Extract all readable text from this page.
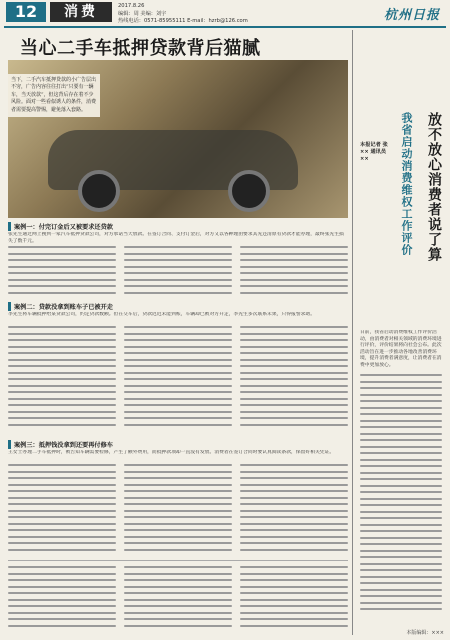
12	消费	2017.8.26
编辑：周 美编：刘宇
热线电话：0571-85955111 E-mail：hzrb@126.com	杭州日报
当心二手车抵押贷款背后猫腻
当下，二手汽车抵押贷款的小广告层出不穷，广告内容往往打出“只要有一辆车，当天放款”，但这背后存在着不少风险。面对一些看似诱人的条件，消费者需要提高警惕，避免落入套路。
案例一：付完订金后又被要求还贷款
张先生通过网上搜到一家汽车抵押贷款公司，对方承诺当天放款。在签订合同、支付订金后，对方又以各种理由要求其先还清原有贷款才能办理，最终张先生损失了数千元。
案例二：贷款没拿到账车子已被开走
李先生将车辆抵押给某贷款公司，约定贷款数额。但在交车后，贷款迟迟未能到账，车辆却已被对方开走，李先生多次联系未果，只得报警求助。
案例三：抵押钱没拿到还要再付修车
王女士办理二手车抵押时，被告知车辆需要检修，产生了额外费用，而抵押款项却一直没有发放。消费者在签订合同时要认真阅读条款，保留好相关凭证。
放不放心消费者说了算
我省启动消费维权工作评价
本报记者 张×× 通讯员 ××
日前，我省启动消费维权工作评价活动，由消费者对相关领域的消费环境进行评价，评价结果将向社会公布。此次活动旨在进一步推动各地改善消费环境，提升消费者满意度，让消费者在消费中更加放心。
本版编辑：×××
